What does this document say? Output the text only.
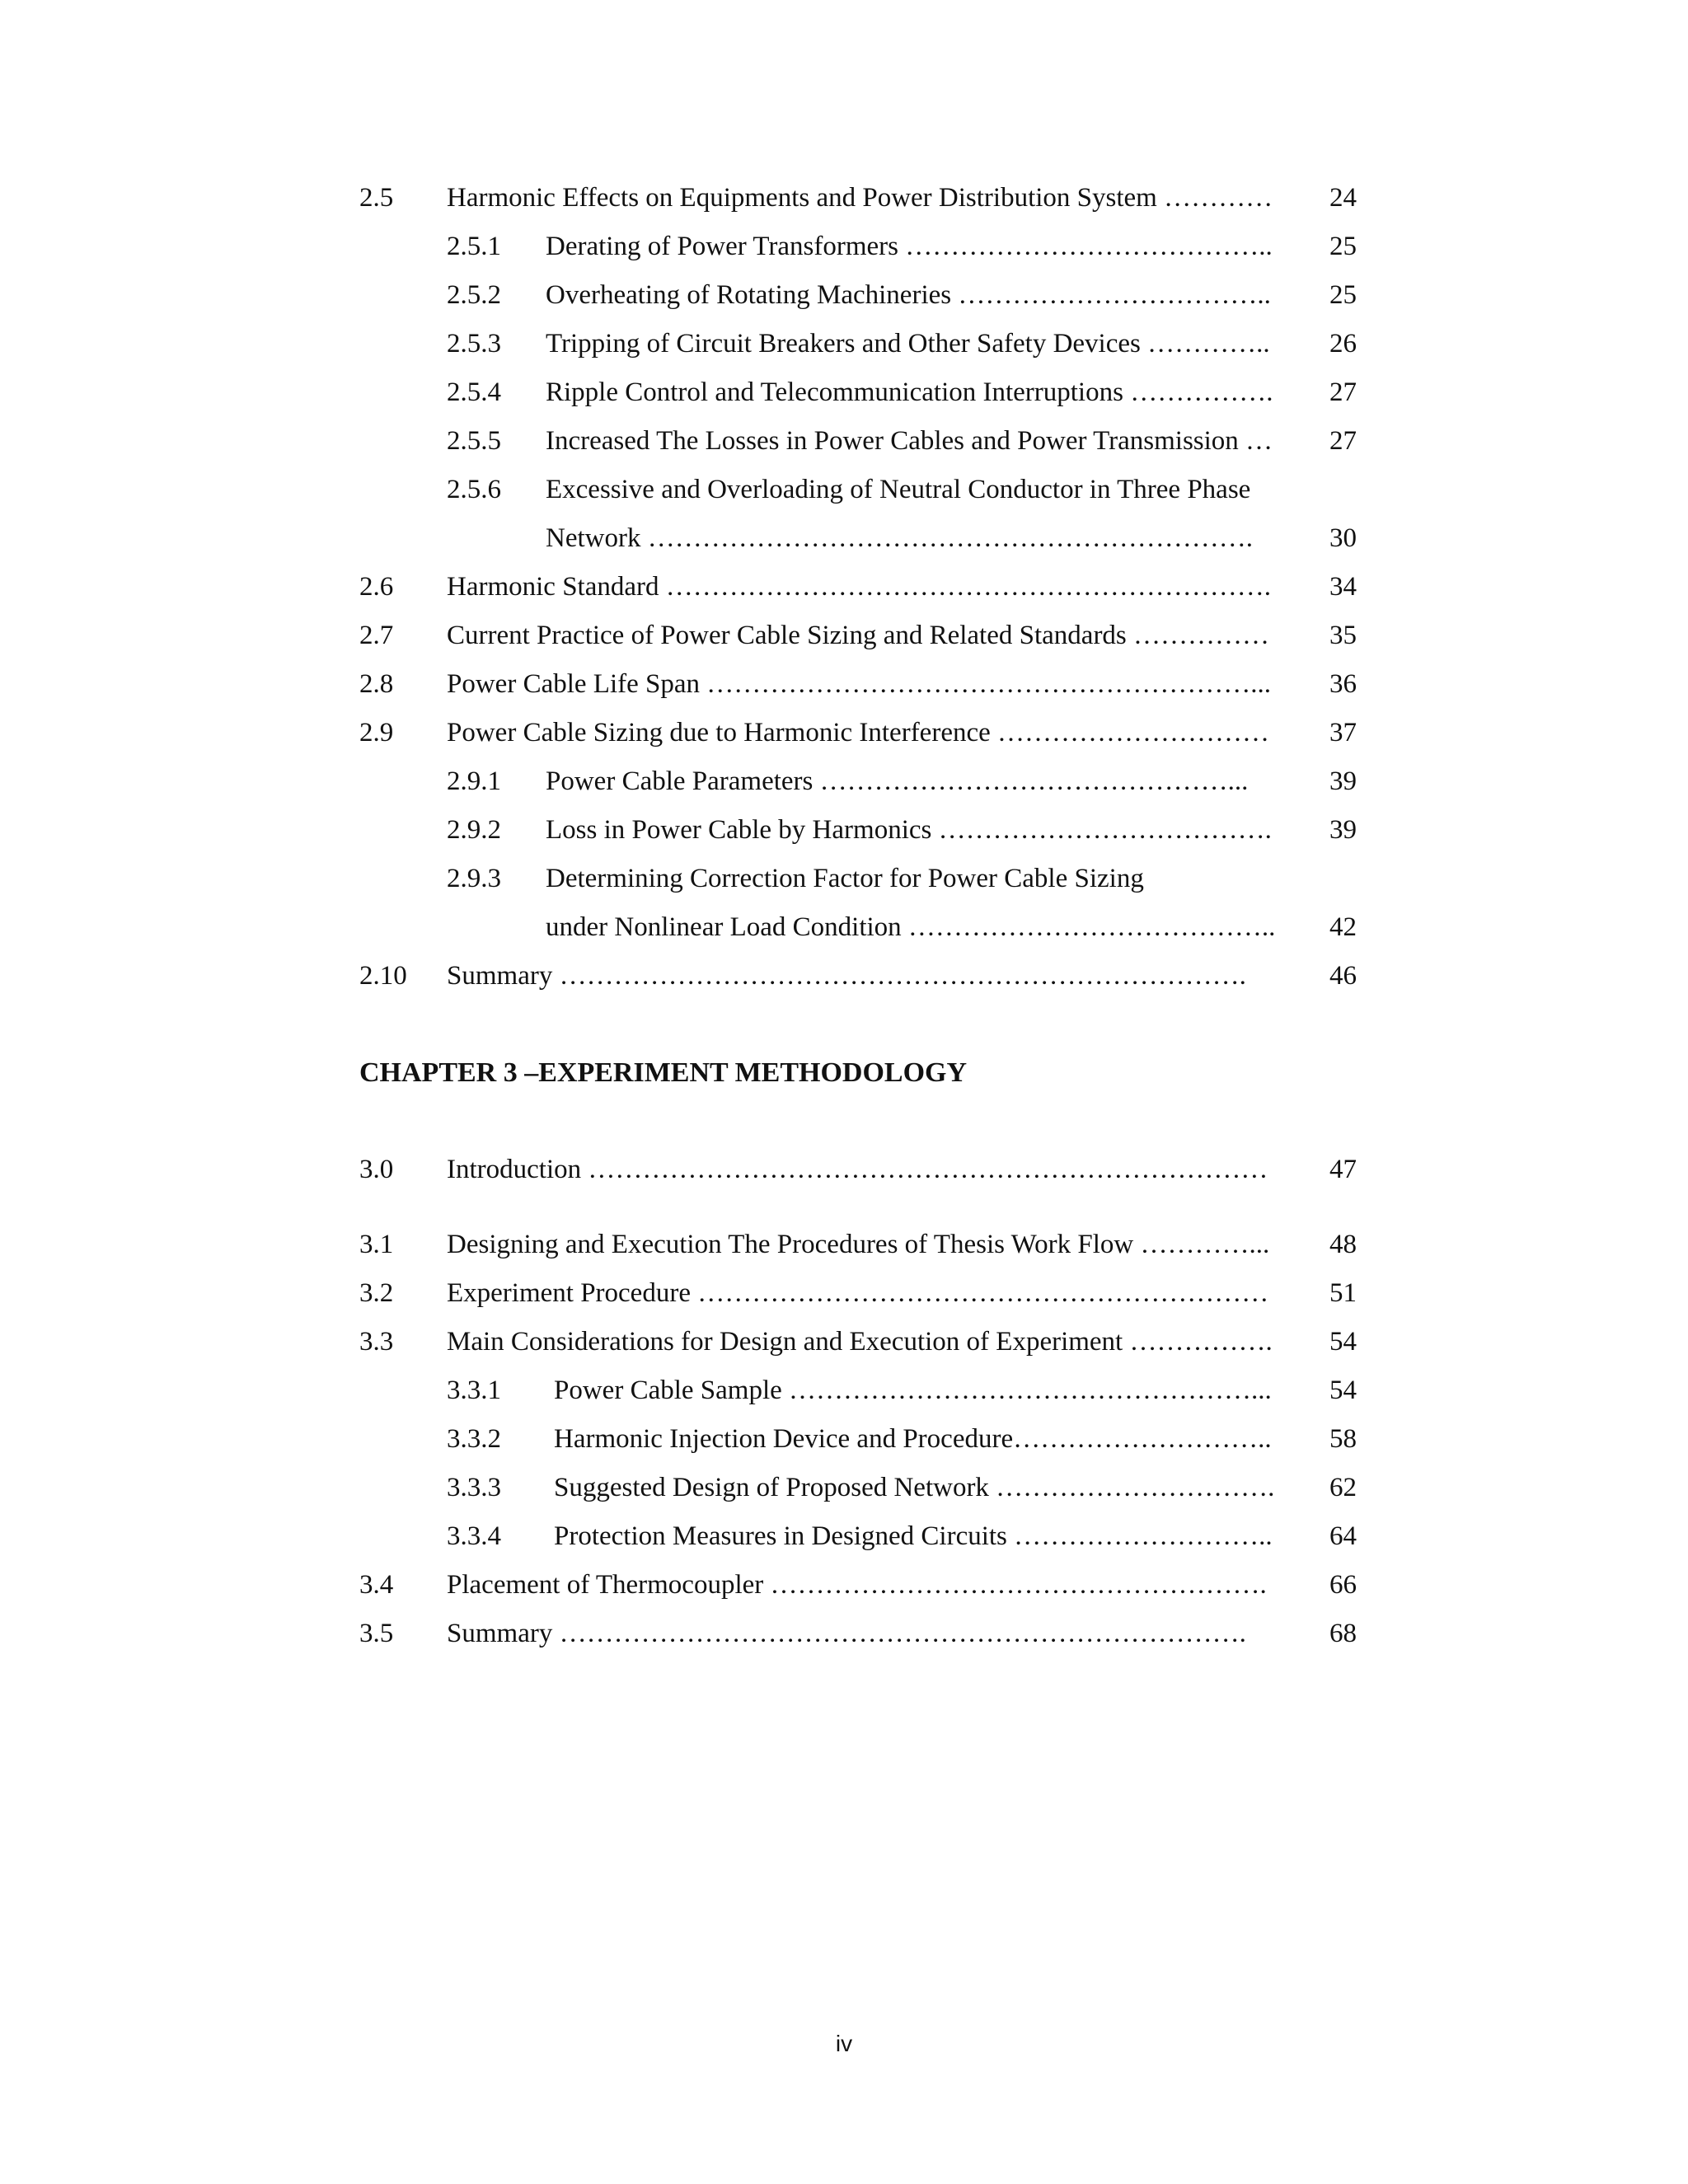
2.5 Harmonic Effects on Equipments and Power Distribution System ………… 24
2.5.1 Derating of Power Transformers ………………………………….. 25
2.5.2 Overheating of Rotating Machineries …………………………….. 25
2.5.3 Tripping of Circuit Breakers and Other Safety Devices ………….. 26
2.5.4 Ripple Control and Telecommunication Interruptions ……………. 27
2.5.5 Increased The Losses in Power Cables and Power Transmission … 27
2.5.6 Excessive and Overloading of Neutral Conductor in Three Phase
Network ………………………………………………………….	30
2.6 Harmonic Standard …………………………………………………………. 34
2.7 Current Practice of Power Cable Sizing and Related Standards …………… 35
2.8 Power Cable Life Span ……………………………………………………... 36
2.9 Power Cable Sizing due to Harmonic Interference ………………………… 37
2.9.1 Power Cable Parameters ………………………………………...	39
2.9.2 Loss in Power Cable by Harmonics ………………………………. 39
2.9.3 Determining Correction Factor for Power Cable Sizing
under Nonlinear Load Condition ………………………………….. 42
2.10 Summary ………………………………………………………………….	46
CHAPTER 3 –EXPERIMENT METHODOLOGY
3.0 Introduction ………………………………………………………………… 47
3.1 Designing and Execution The Procedures of Thesis Work Flow …………... 48
3.2 Experiment Procedure ……………………………………………………… 51
3.3 Main Considerations for Design and Execution of Experiment ……………. 54
3.3.1 Power Cable Sample ……………………………………………... 54
3.3.2 Harmonic Injection Device and Procedure……………………….. 58
3.3.3 Suggested Design of Proposed Network …………………………. 62
3.3.4 Protection Measures in Designed Circuits ……………………….. 64
3.4 Placement of Thermocoupler ………………………………………………. 66
3.5 Summary ………………………………………………………………….	68
iv
